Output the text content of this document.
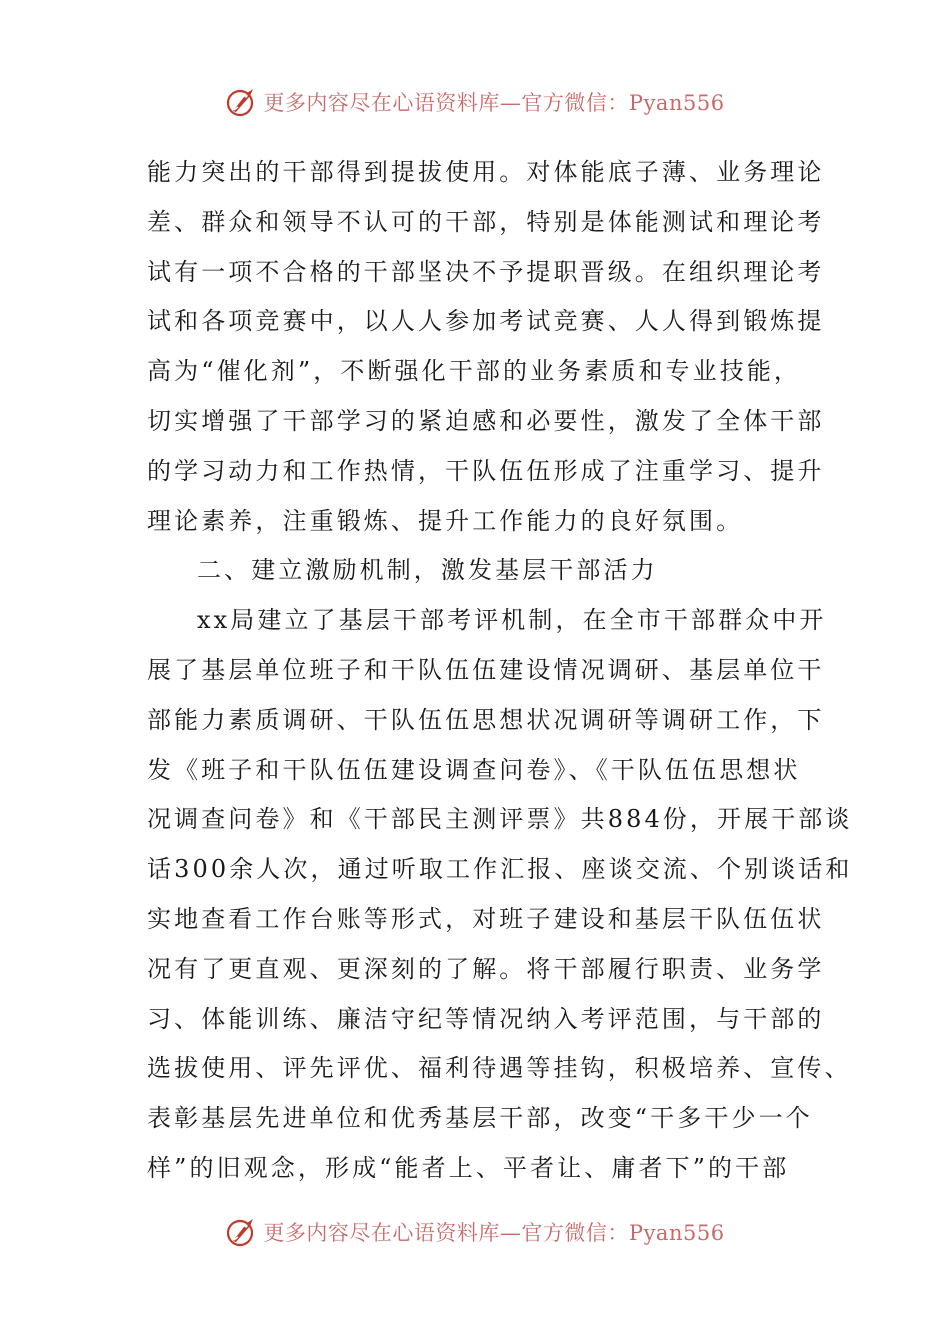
更多内容尽在心语资料库—官方微信：Pyan556
能力突出的干部得到提拔使用。对体能底子薄、业务理论
差、群众和领导不认可的干部，特别是体能测试和理论考
试有一项不合格的干部坚决不予提职晋级。在组织理论考
试和各项竞赛中，以人人参加考试竞赛、人人得到锻炼提
高为“催化剂”，不断强化干部的业务素质和专业技能，
切实增强了干部学习的紧迫感和必要性，激发了全体干部
的学习动力和工作热情，干队伍伍形成了注重学习、提升
理论素养，注重锻炼、提升工作能力的良好氛围。
二、建立激励机制，激发基层干部活力
xx局建立了基层干部考评机制，在全市干部群众中开
展了基层单位班子和干队伍伍建设情况调研、基层单位干
部能力素质调研、干队伍伍思想状况调研等调研工作，下
发《班子和干队伍伍建设调查问卷》、《干队伍伍思想状
况调查问卷》和《干部民主测评票》共884份，开展干部谈
话300余人次，通过听取工作汇报、座谈交流、个别谈话和
实地查看工作台账等形式，对班子建设和基层干队伍伍状
况有了更直观、更深刻的了解。将干部履行职责、业务学
习、体能训练、廉洁守纪等情况纳入考评范围，与干部的
选拔使用、评先评优、福利待遇等挂钩，积极培养、宣传、
表彰基层先进单位和优秀基层干部，改变“干多干少一个
样”的旧观念，形成“能者上、平者让、庸者下”的干部
更多内容尽在心语资料库—官方微信：Pyan556
